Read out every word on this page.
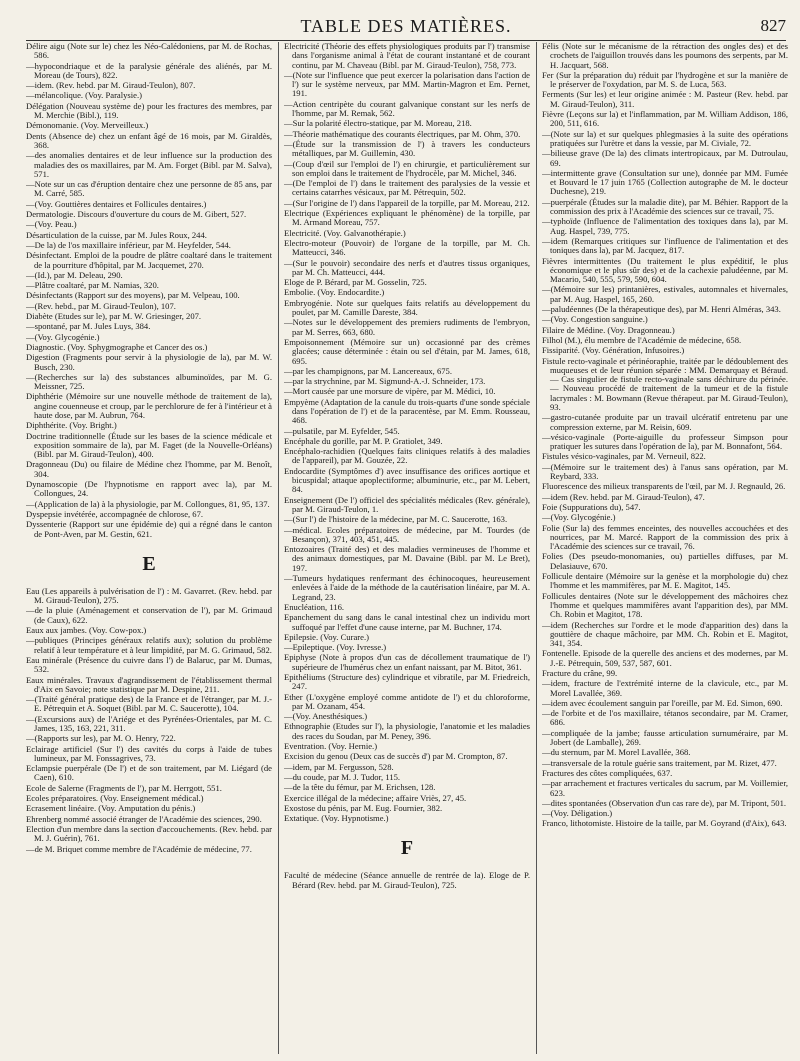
TABLE DES MATIÈRES.	827

Délire aigu (Note sur le) chez les Néo-Calédoniens, par M. de Rochas, 586.

—hypocondriaque et de la paralysie générale des aliénés, par M. Moreau (de Tours), 822.

—idem. (Rev. hebd. par M. Giraud-Teulon), 807.

—mélancolique. (Voy. Paralysie.)

Délégation (Nouveau système de) pour les fractures des membres, par M. Merchie (Bibl.), 119.

Démonomanie. (Voy. Merveilleux.)

Dents (Absence de) chez un enfant âgé de 16 mois, par M. Giraldès, 368.

—des anomalies dentaires et de leur influence sur la production des maladies des os maxillaires, par M. Am. Forget (Bibl. par M. Salva), 571.

—Note sur un cas d'éruption dentaire chez une personne de 85 ans, par M. Carré, 585.

—(Voy. Gouttières dentaires et Follicules dentaires.)

Dermatologie. Discours d'ouverture du cours de M. Gibert, 527.

—(Voy. Peau.)

Désarticulation de la cuisse, par M. Jules Roux, 244.

—De la) de l'os maxillaire inférieur, par M. Heyfelder, 544.

Désinfectant. Emploi de la poudre de plâtre coaltaré dans le traitement de la pourriture d'hôpital, par M. Jacquemet, 270.

—(Id.), par M. Deleau, 290.

—Plâtre coaltaré, par M. Namias, 320.

Désinfectants (Rapport sur des moyens), par M. Velpeau, 100.

—(Rev. hebd., par M. Giraud-Teulon), 107.

Diabète (Etudes sur le), par M. W. Griesinger, 207.

—spontané, par M. Jules Luys, 384.

—(Voy. Glycogénie.)

Diagnostic. (Voy. Sphygmographe et Cancer des os.)

Digestion (Fragments pour servir à la physiologie de la), par M. W. Busch, 230.

—(Recherches sur la) des substances albuminoïdes, par M. G. Meissner, 725.

Diphthérie (Mémoire sur une nouvelle méthode de traitement de la), angine couenneuse et croup, par le perchlorure de fer à l'intérieur et à haute dose, par M. Aubrun, 764.

Diphthérite. (Voy. Bright.)

Doctrine traditionnelle (Étude sur les bases de la science médicale et exposition sommaire de la), par M. Faget (de la Nouvelle-Orléans) (Bibl. par M. Giraud-Teulon), 400.

Dragonneau (Du) ou filaire de Médine chez l'homme, par M. Benoît, 304.

Dynamoscopie (De l'hypnotisme en rapport avec la), par M. Collongues, 24.

—(Application de la) à la physiologie, par M. Collongues, 81, 95, 137.

Dyspepsie invétérée, accompagnée de chlorose, 67.

Dyssenterie (Rapport sur une épidémie de) qui a régné dans le canton de Pont-Aven, par M. Gestin, 621.

E

Eau (Les appareils à pulvérisation de l') : M. Gavarret. (Rev. hebd. par M. Giraud-Teulon), 275.

—de la pluie (Aménagement et conservation de l'), par M. Grimaud (de Caux), 622.

Eaux aux jambes. (Voy. Cow-pox.)

—publiques (Principes généraux relatifs aux); solution du problème relatif à leur température et à leur limpidité, par M. G. Grimaud, 582.

Eau minérale (Présence du cuivre dans l') de Balaruc, par M. Dumas, 532.

Eaux minérales. Travaux d'agrandissement de l'établissement thermal d'Aix en Savoie; note statistique par M. Despine, 211.

—(Traité général pratique des) de la France et de l'étranger, par M. J.-E. Pétrequin et A. Soquet (Bibl. par M. C. Saucerotte), 104.

—(Excursions aux) de l'Ariége et des Pyrénées-Orientales, par M. C. James, 135, 163, 221, 311.

—(Rapports sur les), par M. O. Henry, 722.

Eclairage artificiel (Sur l') des cavités du corps à l'aide de tubes lumineux, par M. Fonssagrives, 73.

Eclampsie puerpérale (De l') et de son traitement, par M. Liégard (de Caen), 610.

Ecole de Salerne (Fragments de l'), par M. Herrgott, 551.

Ecoles préparatoires. (Voy. Enseignement médical.)

Ecrasement linéaire. (Voy. Amputation du pénis.)

Ehrenberg nommé associé étranger de l'Académie des sciences, 290.

Election d'un membre dans la section d'accouchements. (Rev. hebd. par M. J. Guérin), 761.

—de M. Briquet comme membre de l'Académie de médecine, 77.

Electricité (Théorie des effets physiologiques produits par l') transmise dans l'organisme animal à l'état de courant instantané et de courant continu, par M. Chaveau (Bibl. par M. Giraud-Teulon), 758, 773.

—(Note sur l'influence que peut exercer la polarisation dans l'action de l') sur le système nerveux, par MM. Martin-Magron et Em. Pernet, 191.

—Action centripète du courant galvanique constant sur les nerfs de l'homme, par M. Remak, 562.

—Sur la polarité électro-statique, par M. Moreau, 218.

—Théorie mathématique des courants électriques, par M. Ohm, 370.

—(Étude sur la transmission de l') à travers les conducteurs métalliques, par M. Guillemin, 430.

—(Coup d'œil sur l'emploi de l') en chirurgie, et particulièrement sur son emploi dans le traitement de l'hydrocèle, par M. Michel, 346.

—(De l'emploi de l') dans le traitement des paralysies de la vessie et certains catarrhes vésicaux, par M. Pétrequin, 502.

—(Sur l'origine de l') dans l'appareil de la torpille, par M. Moreau, 212.

Electrique (Expériences expliquant le phénomène) de la torpille, par M. Armand Moreau, 757.

Electricité. (Voy. Galvanothérapie.)

Electro-moteur (Pouvoir) de l'organe de la torpille, par M. Ch. Matteucci, 346.

—(Sur le pouvoir) secondaire des nerfs et d'autres tissus organiques, par M. Ch. Matteucci, 444.

Eloge de P. Bérard, par M. Gosselin, 725.

Embolie. (Voy. Endocardite.)

Embryogénie. Note sur quelques faits relatifs au développement du poulet, par M. Camille Dareste, 384.

—Notes sur le développement des premiers rudiments de l'embryon, par M. Serres, 663, 680.

Empoisonnement (Mémoire sur un) occasionné par des crèmes glacées; cause déterminée : étain ou sel d'étain, par M. James, 618, 695.

—par les champignons, par M. Lancereaux, 675.

—par la strychnine, par M. Sigmund-A.-J. Schneider, 173.

—Mort causée par une morsure de vipère, par M. Médici, 10.

Empyème (Adaptation de la canule du trois-quarts d'une sonde spéciale dans l'opération de l') et de la paracentèse, par M. Emm. Rousseau, 468.

—pulsatile, par M. Eyfelder, 545.

Encéphale du gorille, par M. P. Gratiolet, 349.

Encéphalo-rachidien (Quelques faits cliniques relatifs à des maladies de l'appareil), par M. Gouzée, 22.

Endocardite (Symptômes d') avec insuffisance des orifices aortique et bicuspidal; attaque apoplectiforme; albuminurie, etc., par M. Lebert, 84.

Enseignement (De l') officiel des spécialités médicales (Rev. générale), par M. Giraud-Teulon, 1.

—(Sur l') de l'histoire de la médecine, par M. C. Saucerotte, 163.

—médical. Ecoles préparatoires de médecine, par M. Tourdes (de Besançon), 371, 403, 451, 445.

Entozoaires (Traité des) et des maladies vermineuses de l'homme et des animaux domestiques, par M. Davaine (Bibl. par M. Le Bret), 197.

—Tumeurs hydatiques renfermant des échinocoques, heureusement enlevées à l'aide de la méthode de la cautérisation linéaire, par M. A. Legrand, 23.

Enucléation, 116.

Epanchement du sang dans le canal intestinal chez un individu mort suffoqué par l'effet d'une cause interne, par M. Buchner, 174.

Epilepsie. (Voy. Curare.)

—Epileptique. (Voy. Ivresse.)

Epiphyse (Note à propos d'un cas de décollement traumatique de l') supérieure de l'humérus chez un enfant naissant, par M. Bitot, 361.

Epithéliums (Structure des) cylindrique et vibratile, par M. Friedreich, 247.

Ether (L'oxygène employé comme antidote de l') et du chloroforme, par M. Ozanam, 454.

—(Voy. Anesthésiques.)

Ethnographie (Etudes sur l'), la physiologie, l'anatomie et les maladies des races du Soudan, par M. Peney, 396.

Eventration. (Voy. Hernie.)

Excision du genou (Deux cas de succès d') par M. Crompton, 87.

—idem, par M. Fergusson, 528.

—du coude, par M. J. Tudor, 115.

—de la tête du fémur, par M. Erichsen, 128.

Exercice illégal de la médecine; affaire Vriès, 27, 45.

Exostose du pénis, par M. Eug. Fournier, 382.

Extatique. (Voy. Hypnotisme.)

F

Faculté de médecine (Séance annuelle de rentrée de la). Eloge de P. Bérard (Rev. hebd. par M. Giraud-Teulon), 725.

Félis (Note sur le mécanisme de la rétraction des ongles des) et des crochets de l'aiguillon trouvés dans les poumons des serpents, par M. H. Jacquart, 568.

Fer (Sur la préparation du) réduit par l'hydrogène et sur la manière de le préserver de l'oxydation, par M. S. de Luca, 563.

Ferments (Sur les) et leur origine animée : M. Pasteur (Rev. hebd. par M. Giraud-Teulon), 311.

Fièvre (Leçons sur la) et l'inflammation, par M. William Addison, 186, 200, 511, 616.

—(Note sur la) et sur quelques phlegmasies à la suite des opérations pratiquées sur l'urètre et dans la vessie, par M. Civiale, 72.

—bilieuse grave (De la) des climats intertropicaux, par M. Dutroulau, 69.

—intermittente grave (Consultation sur une), donnée par MM. Fumée et Bouvard le 17 juin 1765 (Collection autographe de M. le docteur Duchesne), 219.

—puerpérale (Études sur la maladie dite), par M. Béhier. Rapport de la commission des prix à l'Académie des sciences sur ce travail, 75.

—typhoïde (Influence de l'alimentation des toxiques dans la), par M. Aug. Haspel, 739, 775.

—idem (Remarques critiques sur l'influence de l'alimentation et des toniques dans la), par M. Jacquez, 817.

Fièvres intermittentes (Du traitement le plus expéditif, le plus économique et le plus sûr des) et de la cachexie paludéenne, par M. Macario, 540, 555, 579, 590, 604.

—(Mémoire sur les) printanières, estivales, automnales et hivernales, par M. Aug. Haspel, 165, 260.

—paludéennes (De la thérapeutique des), par M. Henri Alméras, 343.

—(Voy. Congestion sanguine.)

Filaire de Médine. (Voy. Dragonneau.)

Filhol (M.), élu membre de l'Académie de médecine, 658.

Fissiparité. (Voy. Génération, Infusoires.)

Fistule recto-vaginale et périnéoraphie, traitée par le dédoublement des muqueuses et de leur réunion séparée : MM. Demarquay et Béraud. — Cas singulier de fistule recto-vaginale sans déchirure du périnée. — Nouveau procédé de traitement de la tumeur et de la fistule lacrymales : M. Bowmann (Revue thérapeut. par M. Giraud-Teulon), 93.

—gastro-cutanée produite par un travail ulcératif entretenu par une compression externe, par M. Reisin, 609.

—vésico-vaginale (Porte-aiguille du professeur Simpson pour pratiquer les sutures dans l'opération de la), par M. Bonnafont, 564.

Fistules vésico-vaginales, par M. Verneuil, 822.

—(Mémoire sur le traitement des) à l'anus sans opération, par M. Reybard, 333.

Fluorescence des milieux transparents de l'œil, par M. J. Regnauld, 26.

—idem (Rev. hebd. par M. Giraud-Teulon), 47.

Foie (Suppurations du), 547.

—(Voy. Glycogénie.)

Folie (Sur la) des femmes enceintes, des nouvelles accouchées et des nourrices, par M. Marcé. Rapport de la commission des prix à l'Académie des sciences sur ce travail, 76.

Folies (Des pseudo-monomanies, ou) partielles diffuses, par M. Delasiauve, 670.

Follicule dentaire (Mémoire sur la genèse et la morphologie du) chez l'homme et les mammifères, par M. E. Magitot, 145.

Follicules dentaires (Note sur le développement des mâchoires chez l'homme et quelques mammifères avant l'apparition des), par MM. Ch. Robin et Magitot, 178.

—idem (Recherches sur l'ordre et le mode d'apparition des) dans la gouttière de chaque mâchoire, par MM. Ch. Robin et E. Magitot, 341, 354.

Fontenelle. Episode de la querelle des anciens et des modernes, par M. J.-E. Pétrequin, 509, 537, 587, 601.

Fracture du crâne, 99.

—idem, fracture de l'extrémité interne de la clavicule, etc., par M. Morel Lavallée, 369.

—idem avec écoulement sanguin par l'oreille, par M. Ed. Simon, 690.

—de l'orbite et de l'os maxillaire, tétanos secondaire, par M. Cramer, 686.

—compliquée de la jambe; fausse articulation surnuméraire, par M. Jobert (de Lamballe), 269.

—du sternum, par M. Morel Lavallée, 368.

—transversale de la rotule guérie sans traitement, par M. Rizet, 477.

Fractures des côtes compliquées, 637.

—par arrachement et fractures verticales du sacrum, par M. Voillemier, 623.

—dites spontanées (Observation d'un cas rare de), par M. Tripont, 501.

—(Voy. Déligation.)

Franco, lithotomiste. Histoire de la taille, par M. Goyrand (d'Aix), 643.
